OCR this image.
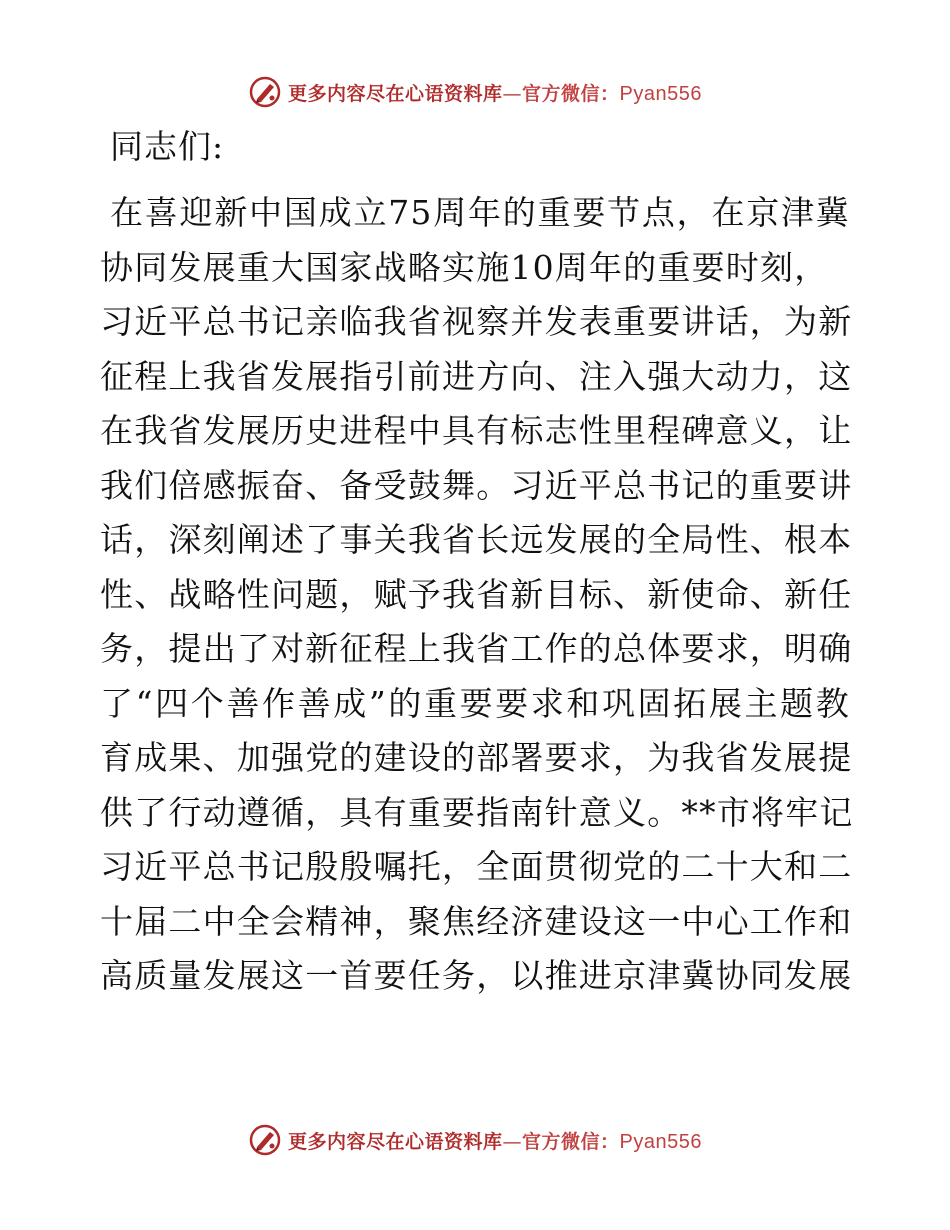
更多内容尽在心语资料库—官方微信：Pyan556
同志们:
在喜迎新中国成立75周年的重要节点，在京津冀
协同发展重大国家战略实施10周年的重要时刻，
习近平总书记亲临我省视察并发表重要讲话，为新
征程上我省发展指引前进方向、注入强大动力，这
在我省发展历史进程中具有标志性里程碑意义，让
我们倍感振奋、备受鼓舞。习近平总书记的重要讲
话，深刻阐述了事关我省长远发展的全局性、根本
性、战略性问题，赋予我省新目标、新使命、新任
务，提出了对新征程上我省工作的总体要求，明确
了“四个善作善成”的重要要求和巩固拓展主题教
育成果、加强党的建设的部署要求，为我省发展提
供了行动遵循，具有重要指南针意义。**市将牢记
习近平总书记殷殷嘱托，全面贯彻党的二十大和二
十届二中全会精神，聚焦经济建设这一中心工作和
高质量发展这一首要任务，以推进京津冀协同发展
更多内容尽在心语资料库—官方微信：Pyan556
